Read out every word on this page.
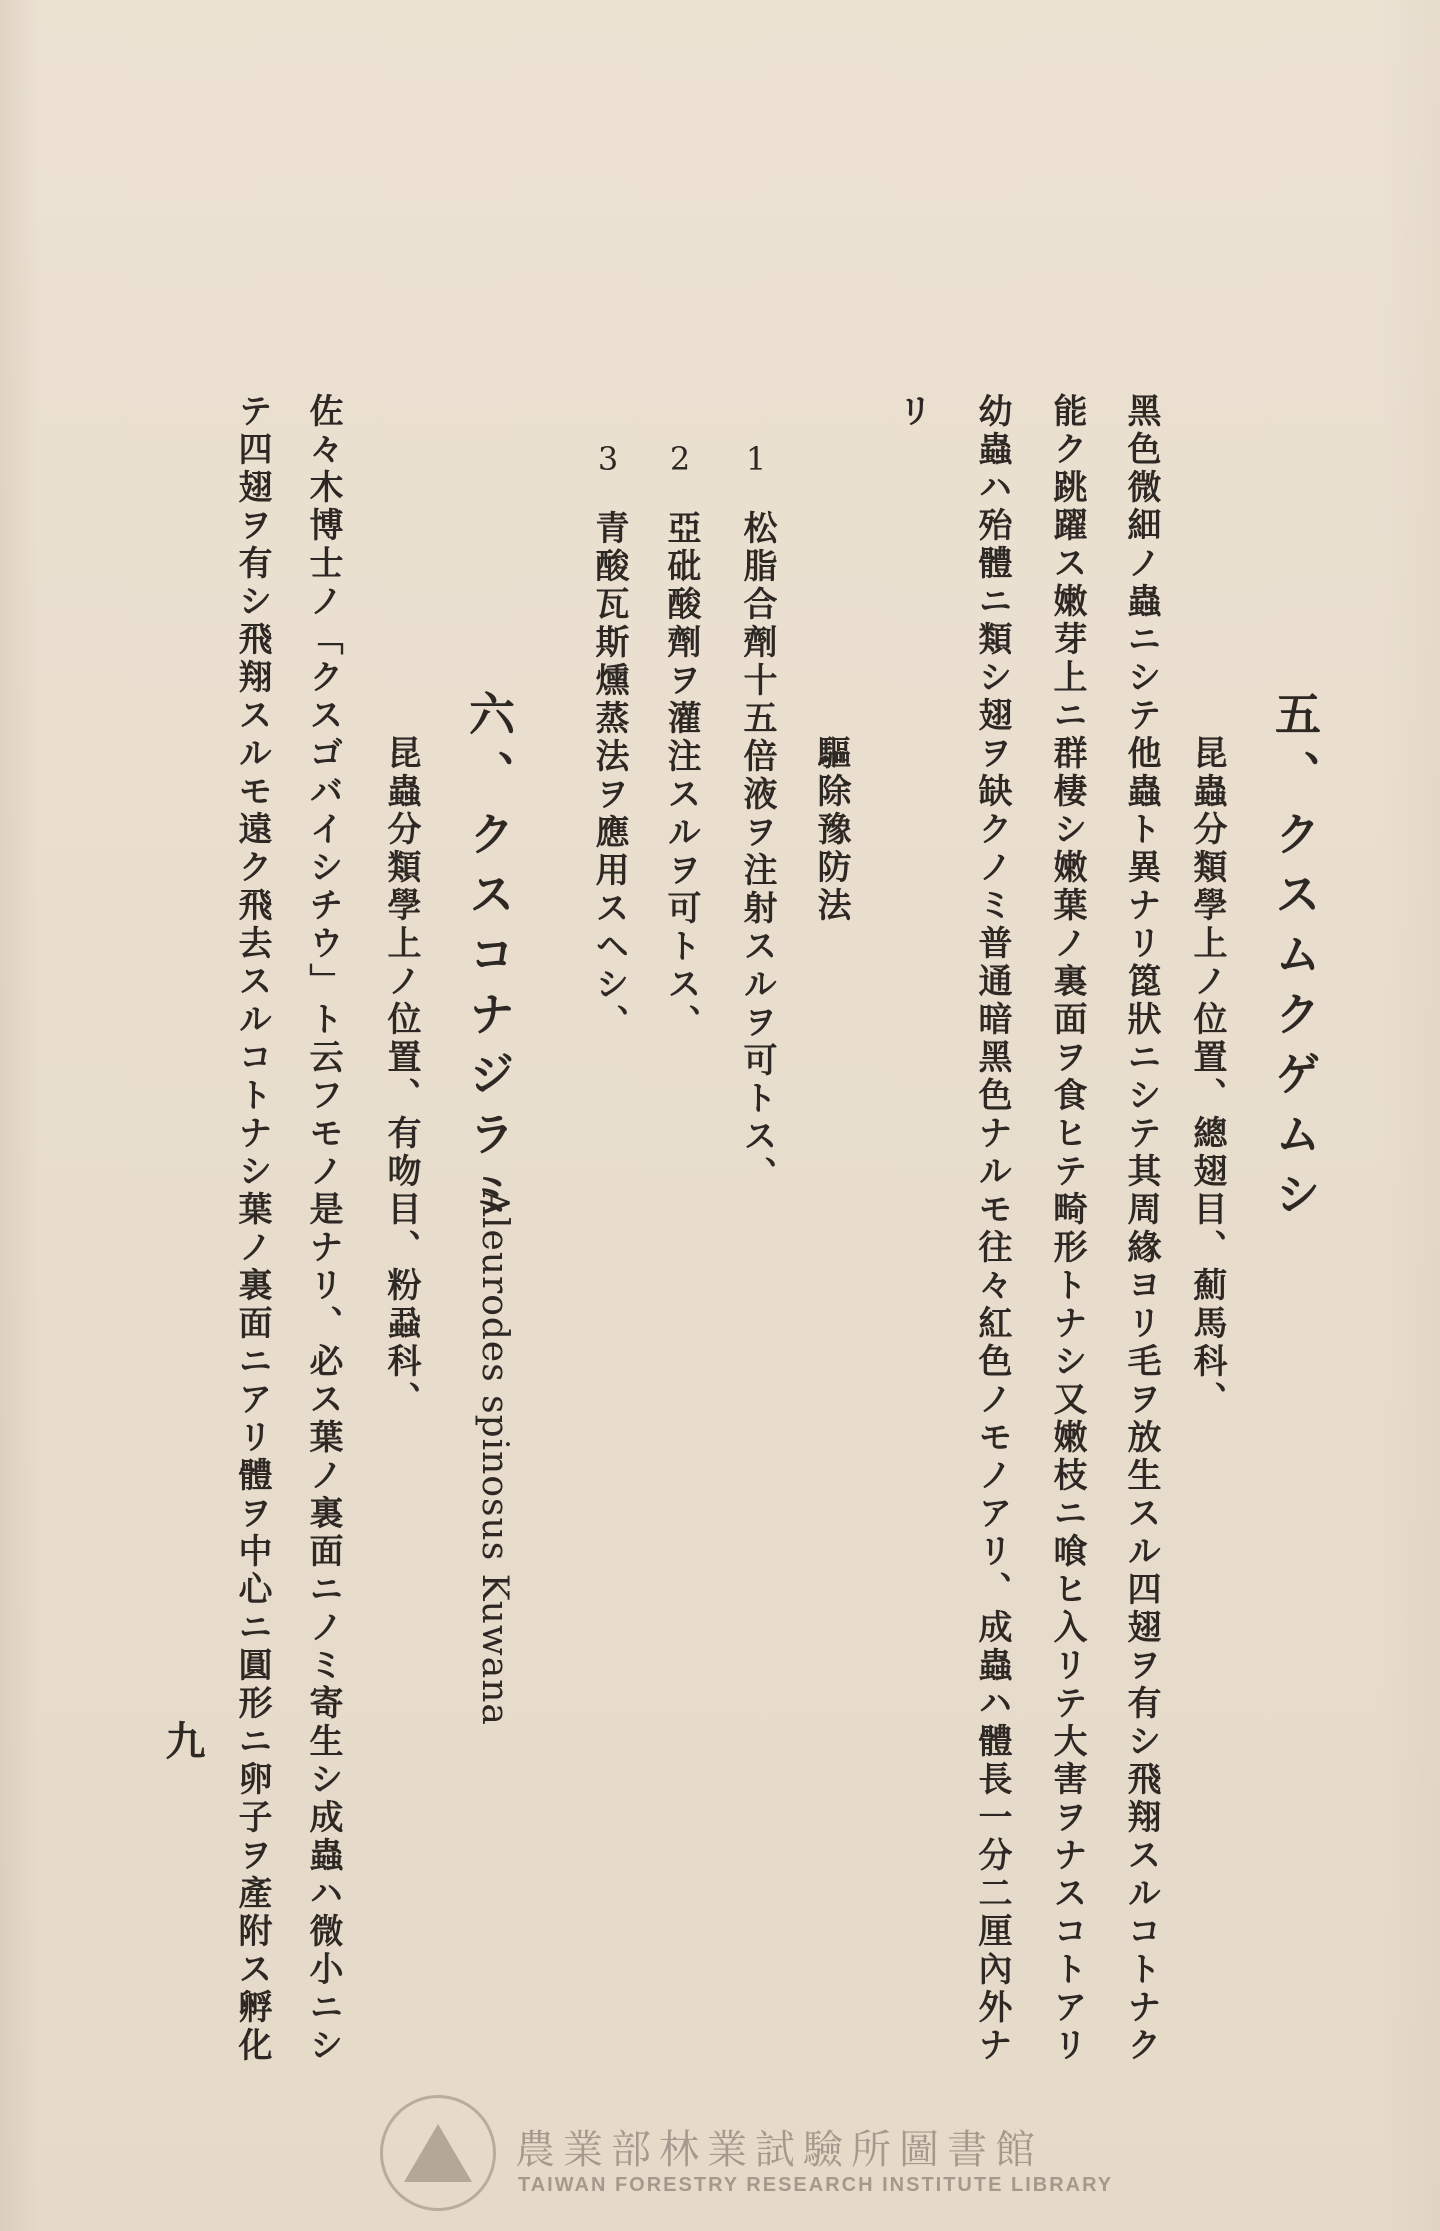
五、クスムクゲムシ
昆蟲分類學上ノ位置、總翅目、薊馬科、
黑色微細ノ蟲ニシテ他蟲ト異ナリ箆狀ニシテ其周緣ヨリ毛ヲ放生スル四翅ヲ有シ飛翔スルコトナク
能ク跳躍ス嫩芽上ニ群棲シ嫩葉ノ裏面ヲ食ヒテ畸形トナシ又嫩枝ニ喰ヒ入リテ大害ヲナスコトアリ
幼蟲ハ殆體ニ類シ翅ヲ缺クノミ普通暗黑色ナルモ往々紅色ノモノアリ、成蟲ハ體長一分二厘內外ナ
リ
驅除豫防法
1
松脂合劑十五倍液ヲ注射スルヲ可トス、
2
亞砒酸劑ヲ灌注スルヲ可トス、
3
青酸瓦斯燻蒸法ヲ應用スヘシ、
六、クスコナジラミ
Aleurodes spinosus Kuwana
昆蟲分類學上ノ位置、有吻目、粉蝨科、
佐々木博士ノ「クスゴバイシチウ」ト云フモノ是ナリ、必ス葉ノ裏面ニノミ寄生シ成蟲ハ微小ニシ
テ四翅ヲ有シ飛翔スルモ遠ク飛去スルコトナシ葉ノ裏面ニアリ體ヲ中心ニ圓形ニ卵子ヲ產附ス孵化
九
農業部林業試驗所圖書館
TAIWAN FORESTRY RESEARCH INSTITUTE LIBRARY
